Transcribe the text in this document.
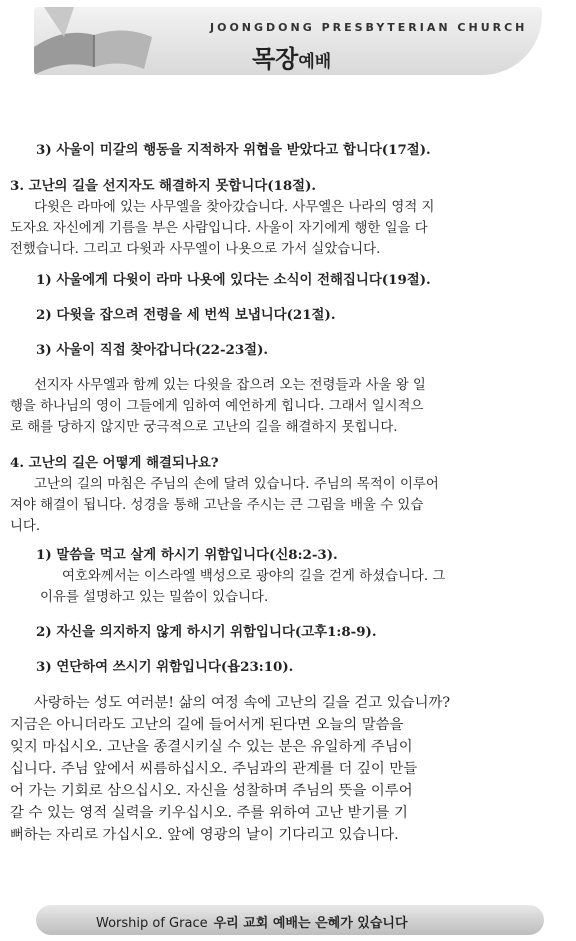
JOONGDONG PRESBYTERIAN CHURCH
목장예배

3) 사울이 미갈의 행동을 지적하자 위협을 받았다고 합니다(17절).

3. 고난의 길을 선지자도 해결하지 못합니다(18절).

다윗은 라마에 있는 사무엘을 찾아갔습니다. 사무엘은 나라의 영적 지

도자요 자신에게 기름을 부은 사람입니다. 사울이 자기에게 행한 일을 다

전했습니다. 그리고 다윗과 사무엘이 나욧으로 가서 실았습니다.

1) 사울에게 다윗이 라마 나욧에 있다는 소식이 전해집니다(19절).

2) 다윗을 잡으려 전령을 세 번씩 보냅니다(21절).

3) 사울이 직접 찾아갑니다(22-23절).

선지자 사무엘과 함께 있는 다윗을 잡으려 오는 전령들과 사울 왕 일

행을 하나님의 영이 그들에게 임하여 예언하게 힙니다. 그래서 일시적으

로 해를 당하지 않지만 궁극적으로 고난의 길을 해결하지 못힙니다.

4. 고난의 길은 어떻게 해결되나요?

고난의 길의 마침은 주님의 손에 달려 있습니다. 주님의 목적이 이루어

져야 해결이 됩니다. 성경을 통해 고난을 주시는 큰 그림을 배울 수 있습

니다.

1) 말씀을 먹고 살게 하시기 위함입니다(신8:2-3).

여호와께서는 이스라엘 백성으로 광야의 길을 걷게 하셨습니다. 그

이유를 설명하고 있는 밀씀이 있습니다.

2) 자신을 의지하지 않게 하시기 위함입니다(고후1:8-9).

3) 연단하여 쓰시기 위함입니다(욥23:10).

사랑하는 성도 여러분! 삶의 여정 속에 고난의 길을 걷고 있습니까?

지금은 아니더라도 고난의 길에 들어서게 된다면 오늘의 말씀을

잊지 마십시오. 고난을 종결시키실 수 있는 분은 유일하게 주님이

십니다. 주님 앞에서 씨름하십시오. 주님과의 관계를 더 깊이 만들

어 가는 기회로 삼으십시오. 자신을 성찰하며 주님의 뜻을 이루어

갈 수 있는 영적 실력을 키우십시오. 주를 위하여 고난 받기를 기

뻐하는 자리로 가십시오. 앞에 영광의 날이 기다리고 있습니다.

Worship of Grace 우리 교회 예배는 은혜가 있습니다
